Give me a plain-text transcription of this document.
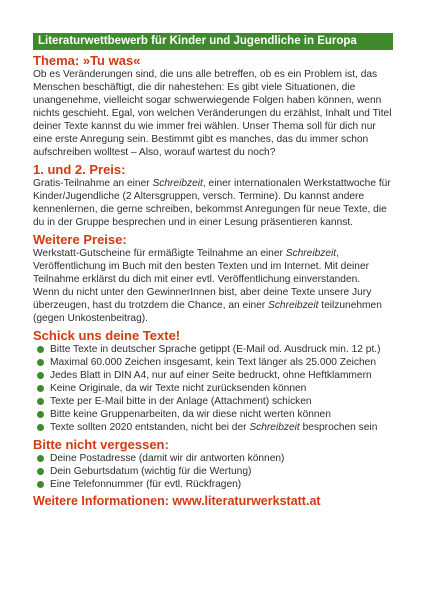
Literaturwettbewerb für Kinder und Jugendliche in Europa
Thema: »Tu was«
Ob es Veränderungen sind, die uns alle betreffen, ob es ein Problem ist, das Menschen beschäftigt, die dir nahestehen: Es gibt viele Situationen, die unangenehme, vielleicht sogar schwerwiegende Folgen haben können, wenn nichts geschieht. Egal, von welchen Veränderungen du erzählst, Inhalt und Titel deiner Texte kannst du wie immer frei wählen. Unser Thema soll für dich nur eine erste Anregung sein. Bestimmt gibt es manches, das du immer schon aufschreiben wolltest – Also, worauf wartest du noch?
1. und 2. Preis:
Gratis-Teilnahme an einer Schreibzeit, einer internationalen Werkstattwoche für Kinder/Jugendliche (2 Altersgruppen, versch. Termine). Du kannst andere kennenlernen, die gerne schreiben, bekommst Anregungen für neue Texte, die du in der Gruppe besprechen und in einer Lesung präsentieren kannst.
Weitere Preise:
Werkstatt-Gutscheine für ermäßigte Teilnahme an einer Schreibzeit, Veröffentlichung im Buch mit den besten Texten und im Internet. Mit deiner Teilnahme erklärst du dich mit einer evtl. Veröffentlichung einverstanden.
Wenn du nicht unter den GewinnerInnen bist, aber deine Texte unsere Jury überzeugen, hast du trotzdem die Chance, an einer Schreibzeit teilzunehmen (gegen Unkostenbeitrag).
Schick uns deine Texte!
Bitte Texte in deutscher Sprache getippt (E-Mail od. Ausdruck min. 12 pt.)
Maximal 60.000 Zeichen insgesamt, kein Text länger als 25.000 Zeichen
Jedes Blatt in DIN A4, nur auf einer Seite bedruckt, ohne Heftklammern
Keine Originale, da wir Texte nicht zurücksenden können
Texte per E-Mail bitte in der Anlage (Attachment) schicken
Bitte keine Gruppenarbeiten, da wir diese nicht werten können
Texte sollten 2020 entstanden, nicht bei der Schreibzeit besprochen sein
Bitte nicht vergessen:
Deine Postadresse (damit wir dir antworten können)
Dein Geburtsdatum (wichtig für die Wertung)
Eine Telefonnummer (für evtl. Rückfragen)
Weitere Informationen: www.literaturwerkstatt.at
